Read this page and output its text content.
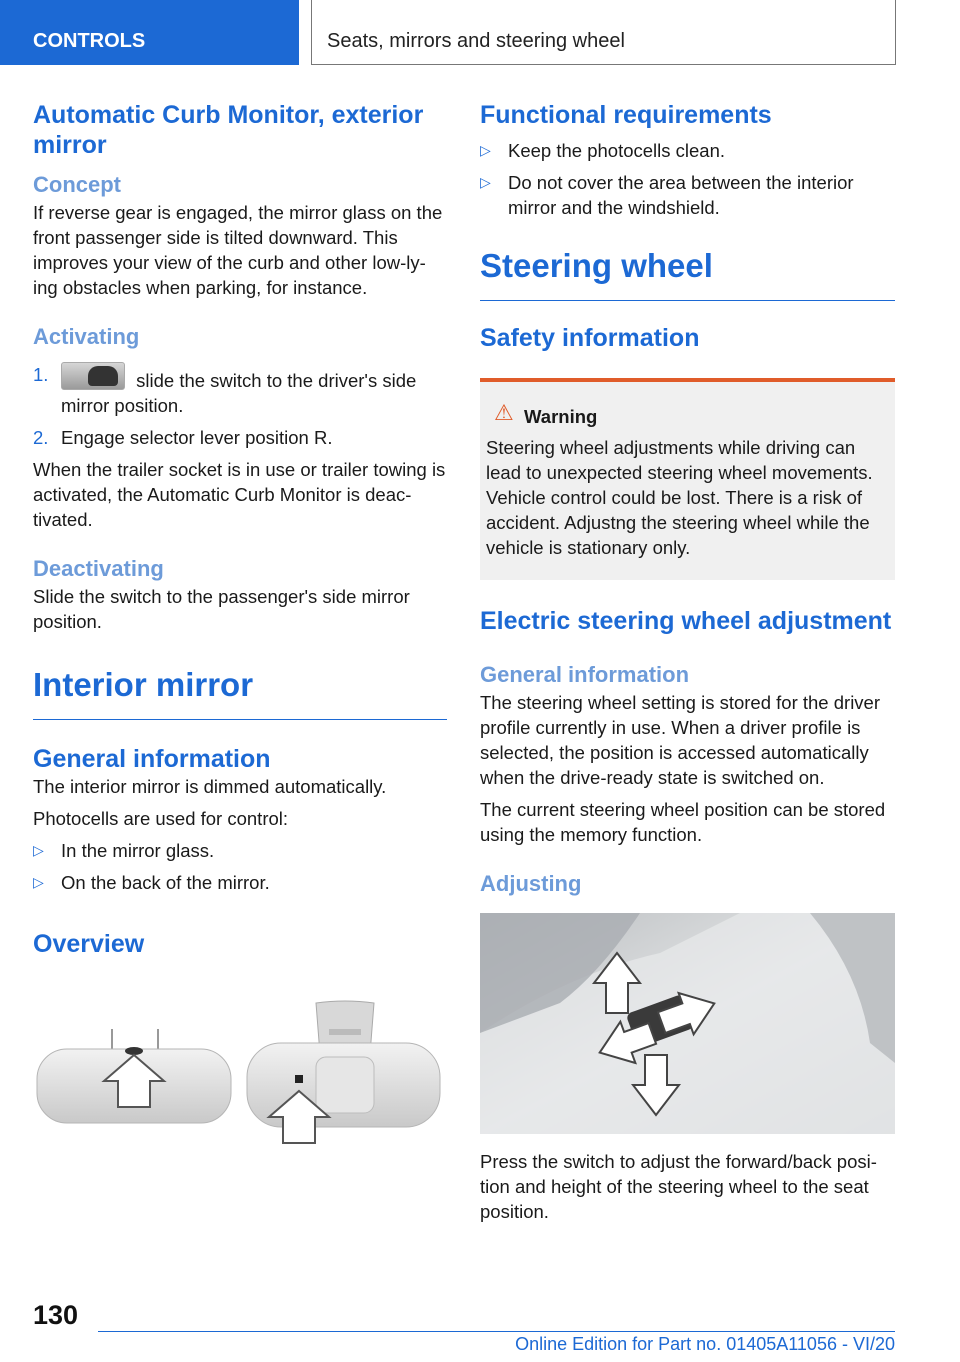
CONTROLS	Seats, mirrors and steering wheel
Automatic Curb Monitor, exterior mirror
Concept

If reverse gear is engaged, the mirror glass on the front passenger side is tilted downward. This improves your view of the curb and other low-ly-ing obstacles when parking, for instance.

Activating
1.	slide the switch to the driver's side mirror position.
2. Engage selector lever position R.

When the trailer socket is in use or trailer towing is activated, the Automatic Curb Monitor is deac-tivated.

Deactivating

Slide the switch to the passenger's side mirror position.

Interior mirror
General information

The interior mirror is dimmed automatically.

Photocells are used for control:

▷ In the mirror glass.
▷ On the back of the mirror.
Overview
Functional requirements
▷ Keep the photocells clean.
▷ Do not cover the area between the interior mirror and the windshield.
Steering wheel
Safety information
⚠ Warning

Steering wheel adjustments while driving can lead to unexpected steering wheel movements. Vehicle control could be lost. There is a risk of accident. Adjustng the steering wheel while the vehicle is stationary only.

Electric steering wheel adjustment
General information

The steering wheel setting is stored for the driver profile currently in use. When a driver profile is selected, the position is accessed automatically when the drive-ready state is switched on.

The current steering wheel position can be stored using the memory function.

Adjusting

Press the switch to adjust the forward/back posi-tion and height of the steering wheel to the seat position.

130
Online Edition for Part no. 01405A11056 - VI/20
